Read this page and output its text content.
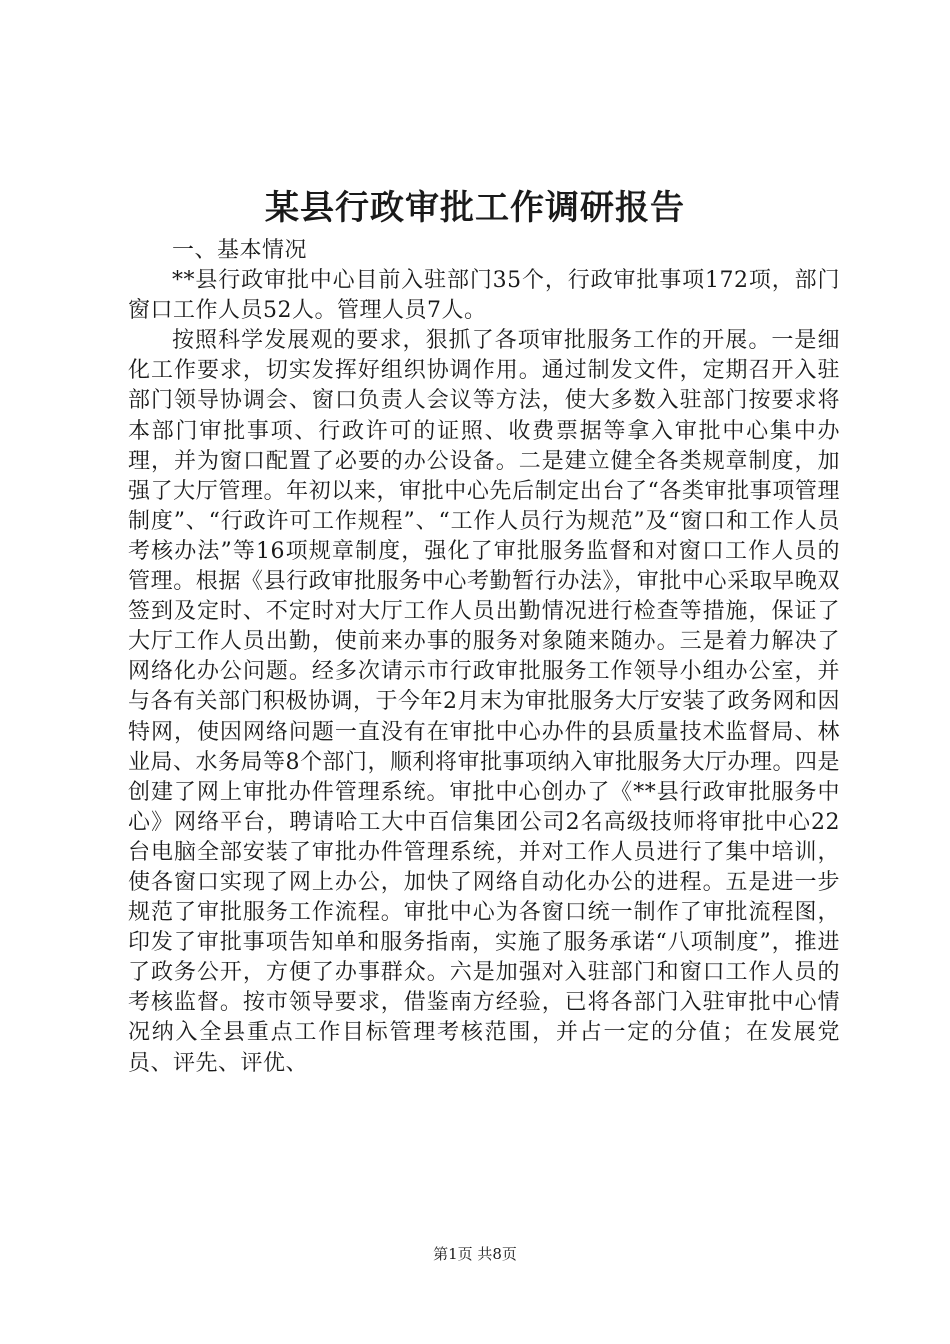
某县行政审批工作调研报告

一、基本情况

**县行政审批中心目前入驻部门35个，行政审批事项172项，部门窗口工作人员52人。管理人员7人。

按照科学发展观的要求，狠抓了各项审批服务工作的开展。一是细化工作要求，切实发挥好组织协调作用。通过制发文件，定期召开入驻部门领导协调会、窗口负责人会议等方法，使大多数入驻部门按要求将本部门审批事项、行政许可的证照、收费票据等拿入审批中心集中办理，并为窗口配置了必要的办公设备。二是建立健全各类规章制度，加强了大厅管理。年初以来，审批中心先后制定出台了“各类审批事项管理制度”、“行政许可工作规程”、“工作人员行为规范”及“窗口和工作人员考核办法”等16项规章制度，强化了审批服务监督和对窗口工作人员的管理。根据《县行政审批服务中心考勤暂行办法》，审批中心采取早晚双签到及定时、不定时对大厅工作人员出勤情况进行检查等措施，保证了大厅工作人员出勤，使前来办事的服务对象随来随办。三是着力解决了网络化办公问题。经多次请示市行政审批服务工作领导小组办公室，并与各有关部门积极协调，于今年2月末为审批服务大厅安装了政务网和因特网，使因网络问题一直没有在审批中心办件的县质量技术监督局、林业局、水务局等8个部门，顺利将审批事项纳入审批服务大厅办理。四是创建了网上审批办件管理系统。审批中心创办了《**县行政审批服务中心》网络平台，聘请哈工大中百信集团公司2名高级技师将审批中心22台电脑全部安装了审批办件管理系统，并对工作人员进行了集中培训，使各窗口实现了网上办公，加快了网络自动化办公的进程。五是进一步规范了审批服务工作流程。审批中心为各窗口统一制作了审批流程图，印发了审批事项告知单和服务指南，实施了服务承诺“八项制度”，推进了政务公开，方便了办事群众。六是加强对入驻部门和窗口工作人员的考核监督。按市领导要求，借鉴南方经验，已将各部门入驻审批中心情况纳入全县重点工作目标管理考核范围，并占一定的分值；在发展党员、评先、评优、

第1页 共8页
